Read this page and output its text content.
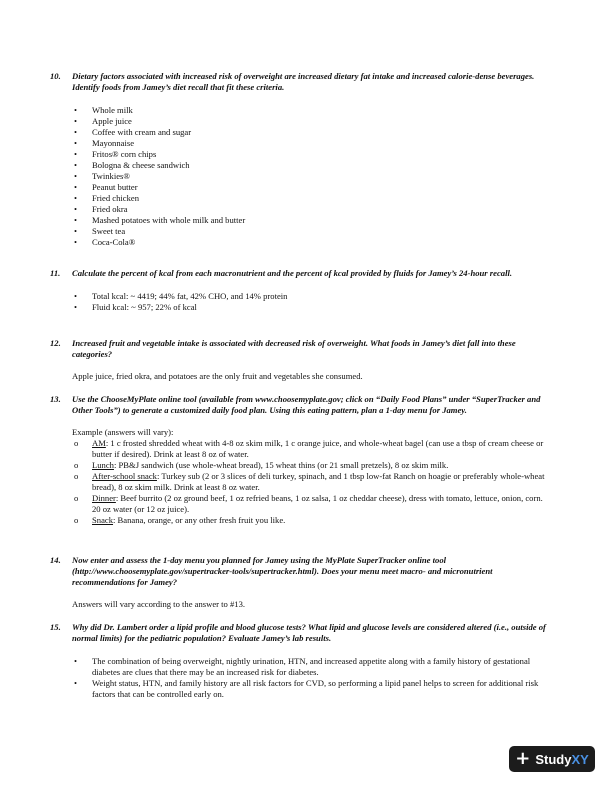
10. Dietary factors associated with increased risk of overweight are increased dietary fat intake and increased calorie-dense beverages. Identify foods from Jamey’s diet recall that fit these criteria.

• Whole milk
• Apple juice
• Coffee with cream and sugar
• Mayonnaise
• Fritos® corn chips
• Bologna & cheese sandwich
• Twinkies®
• Peanut butter
• Fried chicken
• Fried okra
• Mashed potatoes with whole milk and butter
• Sweet tea
• Coca-Cola®
11. Calculate the percent of kcal from each macronutrient and the percent of kcal provided by fluids for Jamey’s 24-hour recall.

• Total kcal: ~ 4419; 44% fat, 42% CHO, and 14% protein
• Fluid kcal: ~ 957; 22% of kcal
12. Increased fruit and vegetable intake is associated with decreased risk of overweight. What foods in Jamey’s diet fall into these categories?

Apple juice, fried okra, and potatoes are the only fruit and vegetables she consumed.

13. Use the ChooseMyPlate online tool (available from www.choosemyplate.gov; click on “Daily Food Plans” under “SuperTracker and Other Tools”) to generate a customized daily food plan. Using this eating pattern, plan a 1-day menu for Jamey.

Example (answers will vary):

o AM: 1 c frosted shredded wheat with 4-8 oz skim milk, 1 c orange juice, and whole-wheat bagel (can use a tbsp of cream cheese or butter if desired). Drink at least 8 oz of water.
o Lunch: PB&J sandwich (use whole-wheat bread), 15 wheat thins (or 21 small pretzels), 8 oz skim milk.
o After-school snack: Turkey sub (2 or 3 slices of deli turkey, spinach, and 1 tbsp low-fat Ranch on hoagie or preferably whole-wheat bread), 8 oz skim milk. Drink at least 8 oz water.
o Dinner: Beef burrito (2 oz ground beef, 1 oz refried beans, 1 oz salsa, 1 oz cheddar cheese), dress with tomato, lettuce, onion, corn. 20 oz water (or 12 oz juice).
o Snack: Banana, orange, or any other fresh fruit you like.
14. Now enter and assess the 1-day menu you planned for Jamey using the MyPlate SuperTracker online tool (http://www.choosemyplate.gov/supertracker-tools/supertracker.html). Does your menu meet macro- and micronutrient recommendations for Jamey?

Answers will vary according to the answer to #13.

15. Why did Dr. Lambert order a lipid profile and blood glucose tests? What lipid and glucose levels are considered altered (i.e., outside of normal limits) for the pediatric population? Evaluate Jamey’s lab results.

• The combination of being overweight, nightly urination, HTN, and increased appetite along with a family history of gestational diabetes are clues that there may be an increased risk for diabetes.
• Weight status, HTN, and family history are all risk factors for CVD, so performing a lipid panel helps to screen for additional risk factors that can be controlled early on.
+ StudyXY
